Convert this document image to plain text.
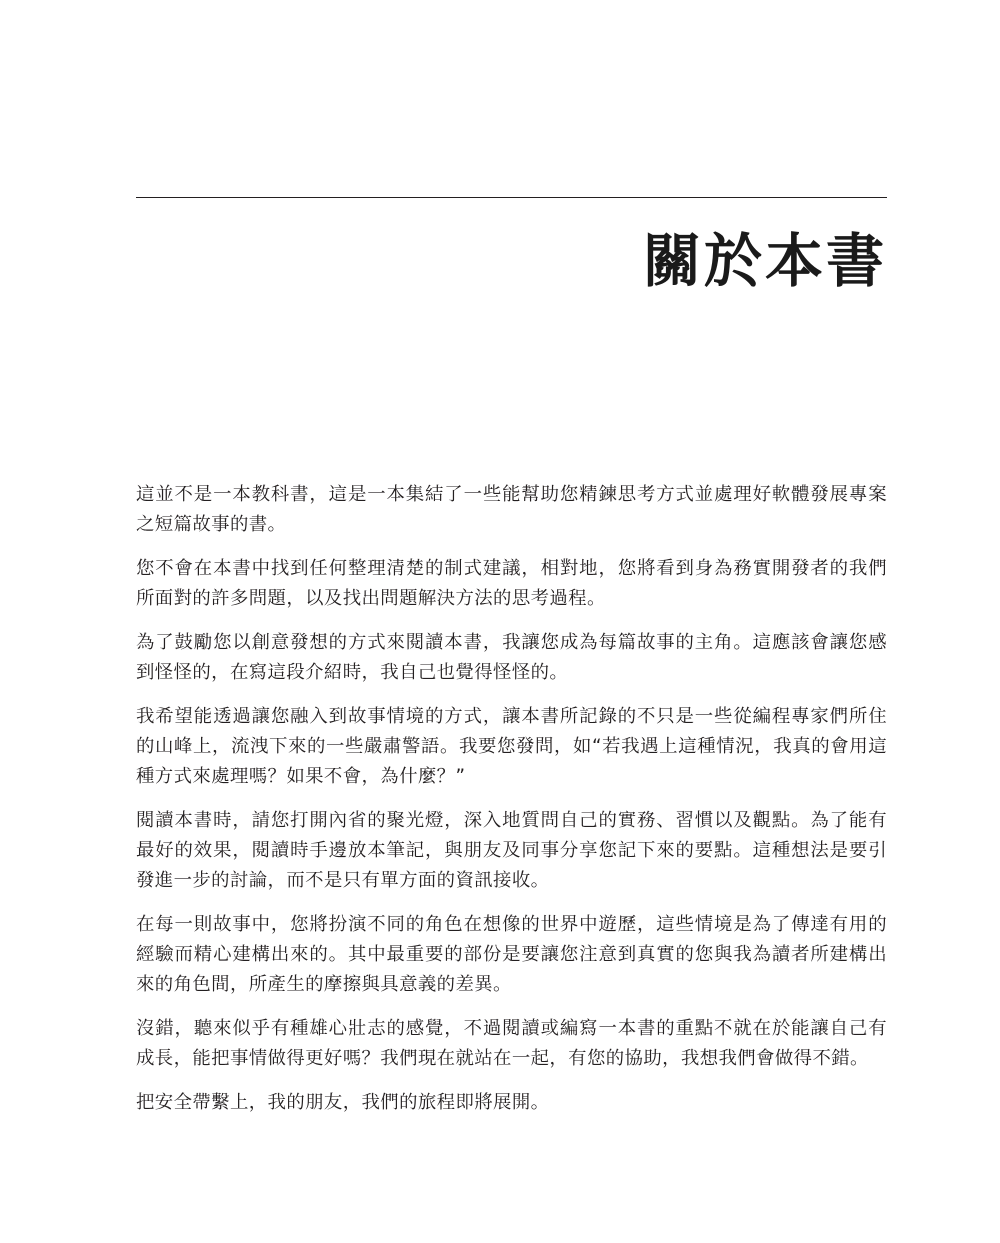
關於本書

這並不是一本教科書，這是一本集結了一些能幫助您精鍊思考方式並處理好軟體發展專案之短篇故事的書。

您不會在本書中找到任何整理清楚的制式建議，相對地，您將看到身為務實開發者的我們所面對的許多問題，以及找出問題解決方法的思考過程。

為了鼓勵您以創意發想的方式來閱讀本書，我讓您成為每篇故事的主角。這應該會讓您感到怪怪的，在寫這段介紹時，我自己也覺得怪怪的。

我希望能透過讓您融入到故事情境的方式，讓本書所記錄的不只是一些從編程專家們所住的山峰上，流洩下來的一些嚴肅警語。我要您發問，如“若我遇上這種情況，我真的會用這種方式來處理嗎？如果不會，為什麼？”

閱讀本書時，請您打開內省的聚光燈，深入地質問自己的實務、習慣以及觀點。為了能有最好的效果，閱讀時手邊放本筆記，與朋友及同事分享您記下來的要點。這種想法是要引發進一步的討論，而不是只有單方面的資訊接收。

在每一則故事中，您將扮演不同的角色在想像的世界中遊歷，這些情境是為了傳達有用的經驗而精心建構出來的。其中最重要的部份是要讓您注意到真實的您與我為讀者所建構出來的角色間，所產生的摩擦與具意義的差異。

沒錯，聽來似乎有種雄心壯志的感覺，不過閱讀或編寫一本書的重點不就在於能讓自己有成長，能把事情做得更好嗎？我們現在就站在一起，有您的協助，我想我們會做得不錯。

把安全帶繫上，我的朋友，我們的旅程即將展開。
